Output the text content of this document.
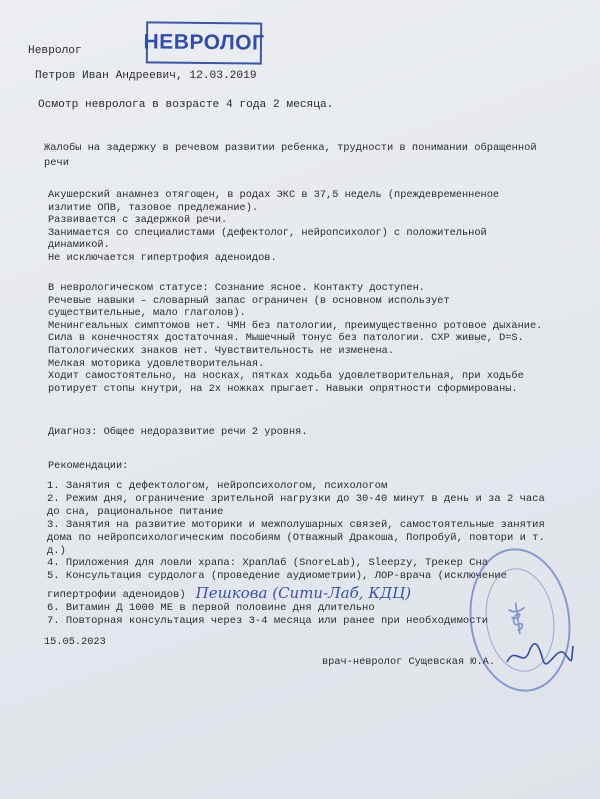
НЕВРОЛОГ
Невролог
Петров Иван Андреевич, 12.03.2019
Осмотр невролога в возрасте 4 года 2 месяца.
Жалобы на задержку в речевом развитии ребенка, трудности в понимании обращенной
речи
Акушерский анамнез отягощен, в родах ЭКС в 37,5 недель (преждевременненое
излитие ОПВ, тазовое предлежание).
Развивается с задержкой речи.
Занимается со специалистами (дефектолог, нейропсихолог) с положительной
динамикой.
Не исключается гипертрофия аденоидов.
В неврологическом статусе: Сознание ясное. Контакту доступен.
Речевые навыки – словарный запас ограничен (в основном использует
существительные, мало глаголов).
Менингеальных симптомов нет. ЧМН без патологии, преимущественно ротовое дыхание.
Сила в конечностях достаточная. Мышечный тонус без патологии. СХР живые, D=S.
Патологических знаков нет. Чувствительность не изменена.
Мелкая моторика удовлетворительная.
Ходит самостоятельно, на носках, пятках ходьба удовлетворительная, при ходьбе
ротирует стопы кнутри, на 2х ножках прыгает. Навыки опрятности сформированы.
Диагноз: Общее недоразвитие речи 2 уровня.
Рекомендации:
1. Занятия с дефектологом, нейропсихологом, психологом
2. Режим дня, ограничение зрительной нагрузки до 30-40 минут в день и за 2 часа
до сна, рациональное питание
3. Занятия на развитие моторики и межполушарных связей, самостоятельные занятия
дома по нейропсихологическим пособиям (Отважный Дракоша, Попробуй, повтори и т.
д.)
4. Приложения для ловли храпа: ХрапЛаб (SnoreLab), Sleepzy, Трекер Сна
5. Консультация сурдолога (проведение аудиометрии), ЛОР-врача (исключение
гипертрофии аденоидов) Пешкова (Сити-Лаб, КДЦ)
6. Витамин Д 1000 МЕ в первой половине дня длительно
7. Повторная консультация через 3-4 месяца или ранее при необходимости
15.05.2023
врач-невролог Сущевская Ю.А.
